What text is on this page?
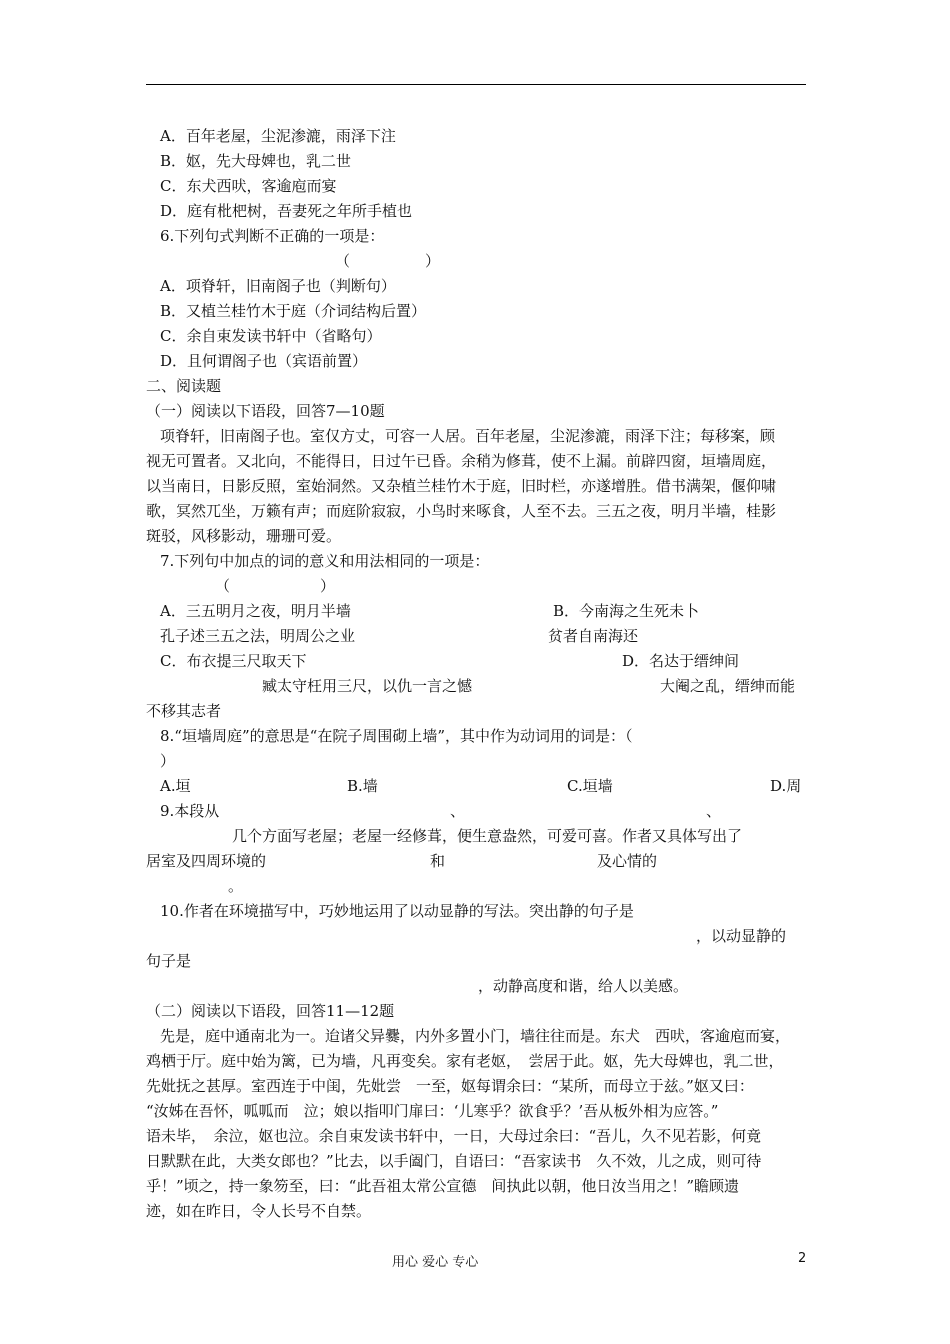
A．百年老屋，尘泥渗漉，雨泽下注
B．妪，先大母婢也，乳二世
C．东犬西吠，客逾庖而宴
D．庭有枇杷树，吾妻死之年所手植也
6.下列句式判断不正确的一项是：
（　　　　　）
A．项脊轩，旧南阁子也（判断句）
B．又植兰桂竹木于庭（介词结构后置）
C．余自束发读书轩中（省略句）
D．且何谓阁子也（宾语前置）
二、阅读题
（一）阅读以下语段，回答7—10题
项脊轩，旧南阁子也。室仅方丈，可容一人居。百年老屋，尘泥渗漉，雨泽下注；每移案，顾
视无可置者。又北向，不能得日，日过午已昏。余稍为修葺，使不上漏。前辟四窗，垣墙周庭，
以当南日，日影反照，室始洞然。又杂植兰桂竹木于庭，旧时栏，亦遂增胜。借书满架，偃仰啸
歌，冥然兀坐，万籁有声；而庭阶寂寂，小鸟时来啄食，人至不去。三五之夜，明月半墙，桂影
斑驳，风移影动，珊珊可爱。
7.下列句中加点的词的意义和用法相同的一项是：
（　　　　　　）
A．三五明月之夜，明月半墙	B．今南海之生死未卜
孔子述三五之法，明周公之业	贫者自南海还
C．布衣提三尺取天下	D．名达于缙绅间
臧太守枉用三尺，以仇一言之憾	大阉之乱，缙绅而能
不移其志者
8.“垣墙周庭”的意思是“在院子周围砌上墙”，其中作为动词用的词是：（
）
A.垣	B.墙	C.垣墙	D.周
9.本段从	、	、
几个方面写老屋；老屋一经修葺，便生意盎然，可爱可喜。作者又具体写出了
居室及四周环境的	和	及心情的
。
10.作者在环境描写中，巧妙地运用了以动显静的写法。突出静的句子是
，以动显静的
句子是
，动静高度和谐，给人以美感。
（二）阅读以下语段，回答11—12题
先是，庭中通南北为一。迨诸父异爨，内外多置小门，墙往往而是。东犬　西吠，客逾庖而宴，
鸡栖于厅。庭中始为篱，已为墙，凡再变矣。家有老妪，　尝居于此。妪，先大母婢也，乳二世，
先妣抚之甚厚。室西连于中闺，先妣尝　一至，妪每谓余曰：“某所，而母立于兹。”妪又曰：
“汝姊在吾怀，呱呱而　泣；娘以指叩门扉曰：‘儿寒乎？欲食乎？’吾从板外相为应答。”
语未毕，　余泣，妪也泣。余自束发读书轩中，一日，大母过余曰：“吾儿，久不见若影，何竟
日默默在此，大类女郎也？”比去，以手阖门，自语曰：“吾家读书　久不效，儿之成，则可待
乎！”顷之，持一象笏至，曰：“此吾祖太常公宣德　间执此以朝，他日汝当用之！”瞻顾遗
迹，如在昨日，令人长号不自禁。
用心 爱心 专心	2
